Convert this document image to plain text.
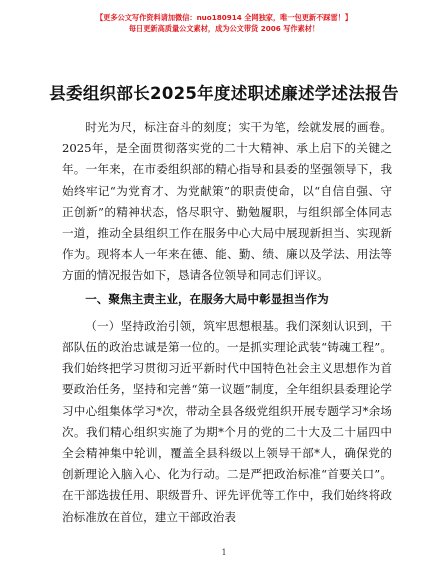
【更多公文写作资料请加微信：nuo180914 全网独家，唯一包更新不踩雷！】
每日更新高质量公文素材，成为公文带货 2006 写作素材！
县委组织部长2025年度述职述廉述学述法报告

时光为尺，标注奋斗的刻度；实干为笔，绘就发展的画卷。2025年，是全面贯彻落实党的二十大精神、承上启下的关键之年。一年来，在市委组织部的精心指导和县委的坚强领导下，我始终牢记“为党育才、为党献策”的职责使命，以“自信自强、守正创新”的精神状态，恪尽职守、勤勉履职，与组织部全体同志一道，推动全县组织工作在服务中心大局中展现新担当、实现新作为。现将本人一年来在德、能、勤、绩、廉以及学法、用法等方面的情况报告如下，恳请各位领导和同志们评议。

一、聚焦主责主业，在服务大局中彰显担当作为

（一）坚持政治引领，筑牢思想根基。我们深刻认识到，干部队伍的政治忠诚是第一位的。一是抓实理论武装“铸魂工程”。我们始终把学习贯彻习近平新时代中国特色社会主义思想作为首要政治任务，坚持和完善“第一议题”制度，全年组织县委理论学习中心组集体学习*次，带动全县各级党组织开展专题学习*余场次。我们精心组织实施了为期*个月的党的二十大及二十届四中全会精神集中轮训，覆盖全县科级以上领导干部*人，确保党的创新理论入脑入心、化为行动。二是严把政治标准“首要关口”。在干部选拔任用、职级晋升、评先评优等工作中，我们始终将政治标准放在首位，建立干部政治表

1
